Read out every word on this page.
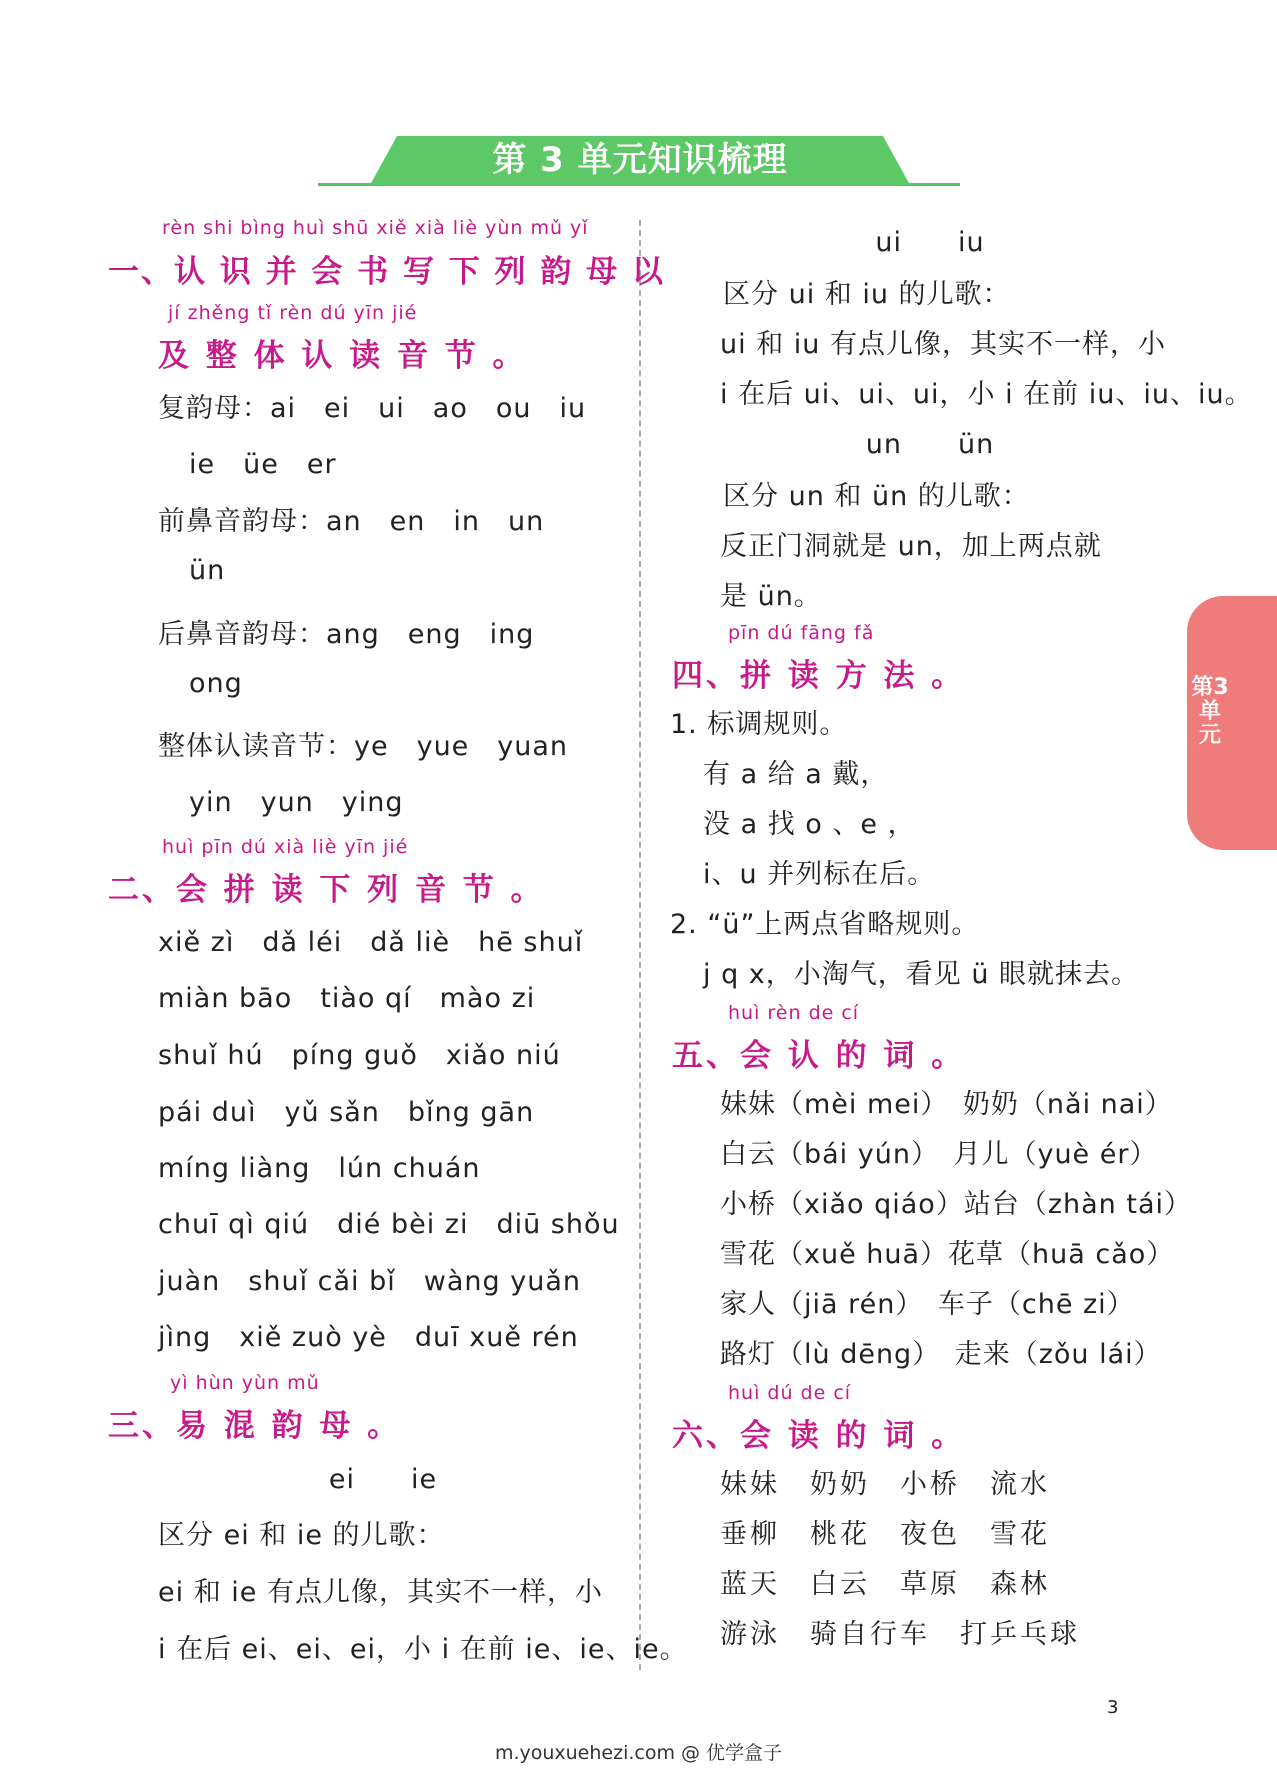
第 3 单元知识梳理
第3单元
rèn shi bìng huì shū xiě xià liè yùn mǔ yǐ
一、认 识 并 会 书 写 下 列 韵 母 以
jí zhěng tǐ rèn dú yīn jié
及 整 体 认 读 音 节 。
复韵母：ai　ei　ui　ao　ou　iu
ie　üe　er
前鼻音韵母：an　en　in　un
ün
后鼻音韵母：ang　eng　ing
ong
整体认读音节：ye　yue　yuan
yin　yun　ying
huì pīn dú xià liè yīn jié
二、会 拼 读 下 列 音 节 。
xiě zì　dǎ léi　dǎ liè　hē shuǐ
miàn bāo　tiào qí　mào zi
shuǐ hú　píng guǒ　xiǎo niú
pái duì　yǔ sǎn　bǐng gān
míng liàng　lún chuán
chuī qì qiú　dié bèi zi　diū shǒu
juàn　shuǐ cǎi bǐ　wàng yuǎn
jìng　xiě zuò yè　duī xuě rén
yì hùn yùn mǔ
三、易 混 韵 母 。
ei　　ie
区分 ei 和 ie 的儿歌：
ei 和 ie 有点儿像，其实不一样，小
i 在后 ei、ei、ei，小 i 在前 ie、ie、ie。
ui　　iu
区分 ui 和 iu 的儿歌：
ui 和 iu 有点儿像，其实不一样，小
i 在后 ui、ui、ui，小 i 在前 iu、iu、iu。
un　　ün
区分 un 和 ün 的儿歌：
反正门洞就是 un，加上两点就
是 ün。
pīn dú fāng fǎ
四、拼 读 方 法 。
1. 标调规则。
有 a 给 a 戴，
没 a 找 o 、e ，
i、u 并列标在后。
2. “ü”上两点省略规则。
j q x，小淘气，看见 ü 眼就抹去。
huì rèn de cí
五、会 认 的 词 。
妹妹（mèi mei）　奶奶（nǎi nai）
白云（bái yún）　月儿（yuè ér）
小桥（xiǎo qiáo）站台（zhàn tái）
雪花（xuě huā）花草（huā cǎo）
家人（jiā rén）　车子（chē zi）
路灯（lù dēng）　走来（zǒu lái）
huì dú de cí
六、会 读 的 词 。
妹妹　奶奶　小桥　流水
垂柳　桃花　夜色　雪花
蓝天　白云　草原　森林
游泳　骑自行车　打乒乓球
3
m.youxuehezi.com @ 优学盒子
